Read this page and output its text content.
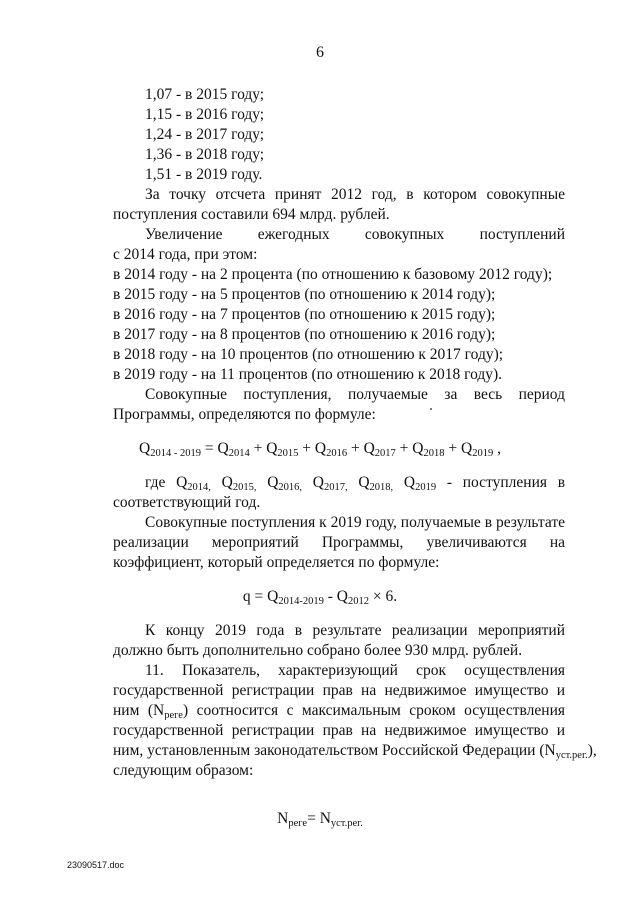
6
1,07 - в 2015 году;
1,15 - в 2016 году;
1,24 - в 2017 году;
1,36 - в 2018 году;
1,51 - в 2019 году.
За точку отсчета принят 2012 год, в котором совокупные
поступления составили 694 млрд. рублей.
Увеличение ежегодных совокупных поступлений
с 2014 года, при этом:
в 2014 году - на 2 процента (по отношению к базовому 2012 году);
в 2015 году - на 5 процентов (по отношению к 2014 году);
в 2016 году - на 7 процентов (по отношению к 2015 году);
в 2017 году - на 8 процентов (по отношению к 2016 году);
в 2018 году - на 10 процентов (по отношению к 2017 году);
в 2019 году - на 11 процентов (по отношению к 2018 году).
Совокупные поступления, получаемые за весь период
Программы, определяются по формуле:
$Q_{2014 - 2019} = Q_{2014} + Q_{2015} + Q_{2016} + Q_{2017} + Q_{2018} + Q_{2019}$ ,
где $Q_{2014,}$ $Q_{2015,}$ $Q_{2016,}$ $Q_{2017,}$ $Q_{2018,}$ $Q_{2019}$ - поступления в
соответствующий год.
Совокупные поступления к 2019 году, получаемые в результате
реализации мероприятий Программы, увеличиваются на
коэффициент, который определяется по формуле:
$q = Q_{2014-2019} - Q_{2012} \times 6$.
К концу 2019 года в результате реализации мероприятий
должно быть дополнительно собрано более 930 млрд. рублей.
11. Показатель, характеризующий срок осуществления
государственной регистрации прав на недвижимое имущество и
ним $(N_{реге})$ соотносится с максимальным сроком осуществления
государственной регистрации прав на недвижимое имущество и
ним, установленным законодательством Российской Федерации $(N_{уст.рег.})$,
следующим образом:
$N_{реге}= N_{уст.рег.}$
23090517.doc
